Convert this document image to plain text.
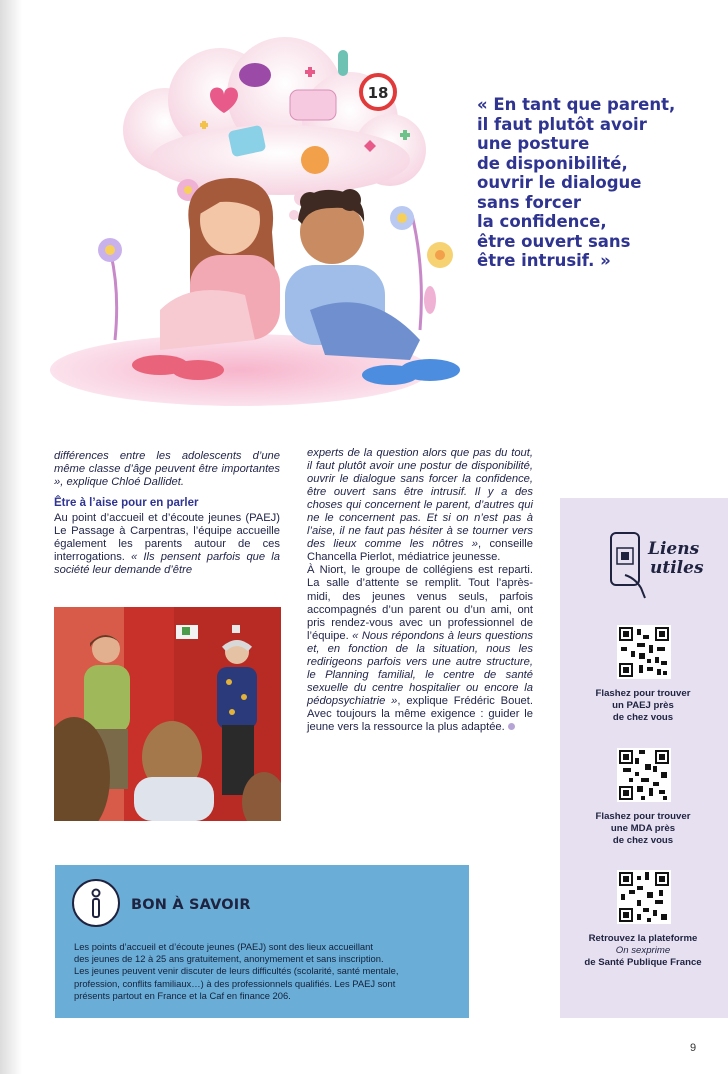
18
« En tant que parent,
il faut plutôt avoir
une posture
de disponibilité,
ouvrir le dialogue
sans forcer
la confidence,
être ouvert sans
être intrusif. »

différences entre les adolescents d’une même classe d’âge peuvent être importantes », explique Chloé Dallidet.

Être à l’aise pour en parler

Au point d’accueil et d’écoute jeunes (PAEJ) Le Passage à Carpentras, l’équipe accueille également les parents autour de ces interrogations. « Ils pensent parfois que la société leur demande d’être

experts de la question alors que pas du tout, il faut plutôt avoir une postur de disponibilité, ouvrir le dialogue sans forcer la confidence, être ouvert sans être intrusif. Il y a des choses qui concernent le parent, d’autres qui ne le concernent pas. Et si on n’est pas à l’aise, il ne faut pas hésiter à se tourner vers des lieux comme les nôtres », conseille Chancella Pierlot, médiatrice jeunesse.

À Niort, le groupe de collégiens est reparti. La salle d’attente se remplit. Tout l’après-midi, des jeunes venus seuls, parfois accompagnés d’un parent ou d’un ami, ont pris rendez-vous avec un professionnel de l’équipe. « Nous répondons à leurs questions et, en fonction de la situation, nous les redirigeons parfois vers une autre structure, le Planning familial, le centre de santé sexuelle du centre hospitalier ou encore la pédopsychiatrie », explique Frédéric Bouet. Avec toujours la même exigence : guider le jeune vers la ressource la plus adaptée.

Liens
utiles
Flashez pour trouver
un PAEJ près
de chez vous
Flashez pour trouver
une MDA près
de chez vous
Retrouvez la plateforme
On sexprime
de Santé Publique France
BON À SAVOIR
Les points d’accueil et d’écoute jeunes (PAEJ) sont des lieux accueillant
des jeunes de 12 à 25 ans gratuitement, anonymement et sans inscription.
Les jeunes peuvent venir discuter de leurs difficultés (scolarité, santé mentale,
profession, conflits familiaux…) à des professionnels qualifiés. Les PAEJ sont
présents partout en France et la Caf en finance 206.
9
